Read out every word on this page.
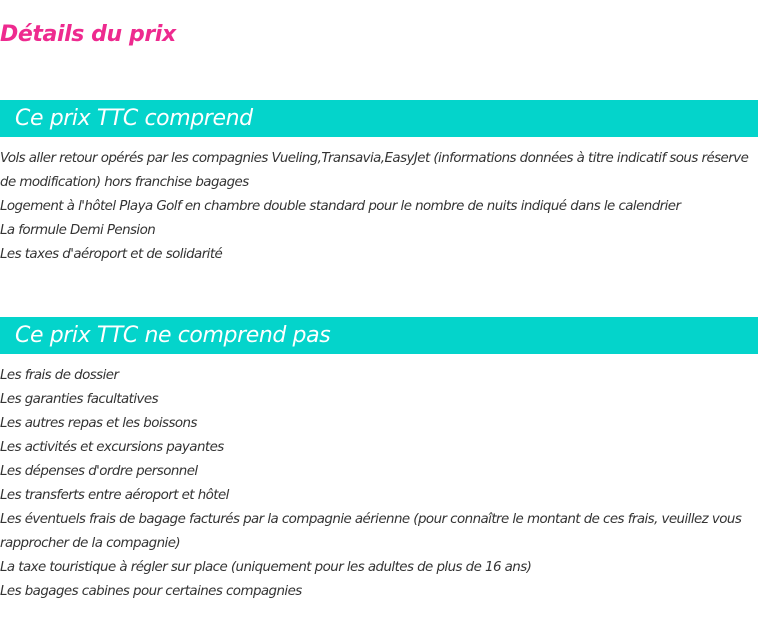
Détails du prix
Ce prix TTC comprend
Vols aller retour opérés par les compagnies Vueling,Transavia,EasyJet (informations données à titre indicatif sous réserve de modification) hors franchise bagages
Logement à l'hôtel Playa Golf en chambre double standard pour le nombre de nuits indiqué dans le calendrier
La formule Demi Pension
Les taxes d'aéroport et de solidarité
Ce prix TTC ne comprend pas
Les frais de dossier
Les garanties facultatives
Les autres repas et les boissons
Les activités et excursions payantes
Les dépenses d'ordre personnel
Les transferts entre aéroport et hôtel
Les éventuels frais de bagage facturés par la compagnie aérienne (pour connaître le montant de ces frais, veuillez vous rapprocher de la compagnie)
La taxe touristique à régler sur place (uniquement pour les adultes de plus de 16 ans)
Les bagages cabines pour certaines compagnies
